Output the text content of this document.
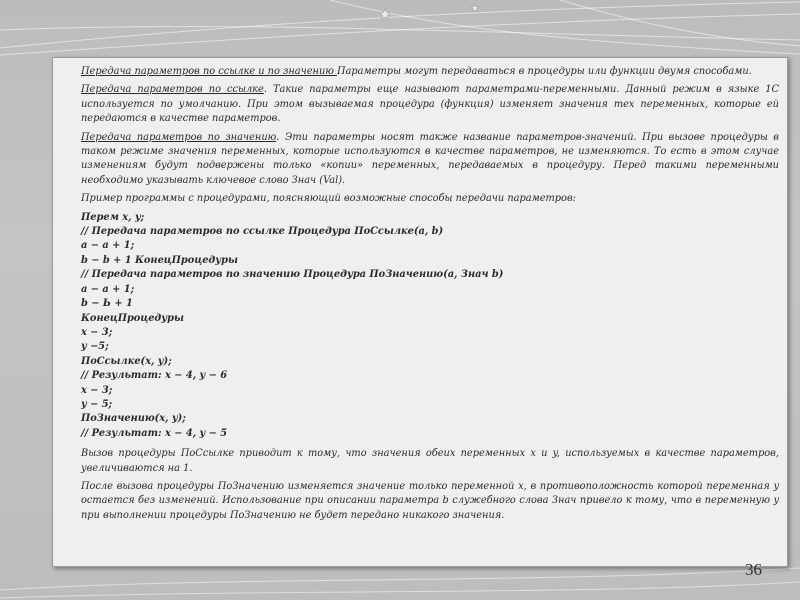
Передача параметров по ссылке и по значению Параметры могут передаваться в процедуры или функции двумя способами.

Передача параметров по ссылке. Такие параметры еще называют параметрами-переменными. Данный режим в языке 1С используется по умолчанию. При этом вызываемая процедура (функция) изменяет значения тех переменных, которые ей передаются в качестве параметров.

Передача параметров по значению. Эти параметры носят также название параметров-значений. При вызове процедуры в таком режиме значения переменных, которые используются в качестве параметров, не изменяются. То есть в этом случае изменениям будут подвержены только «копии» переменных, передаваемых в процедуру. Перед такими переменными необходимо указывать ключевое слово Знач (Val).

Пример программы с процедурами, поясняющий возможные способы передачи параметров:

Перем x, y;
// Передача параметров по ссылке Процедура ПоСсылке(a, b)
a − a + 1;
b − b + 1 КонецПроцедуры
// Передача параметров по значению Процедура ПоЗначению(a, Знач b)
a − a + 1;
b − Ь + 1
КонецПроцедуры
x − 3;
y −5;
ПоСсылке(x, y);
// Результат: x − 4, y − 6
x − 3;
y − 5;
ПоЗначению(x, y);
// Результат: x − 4, y − 5

Вызов процедуры ПоСсылке приводит к тому, что значения обеих переменных x и y, используемых в качестве параметров, увеличиваются на 1.

После вызова процедуры ПоЗначению изменяется значение только переменной x, в противоположность которой переменная y остается без изменений. Использование при описании параметра b служебного слова Знач привело к тому, что в переменную y при выполнении процедуры ПоЗначению не будет передано никакого значения.

36
